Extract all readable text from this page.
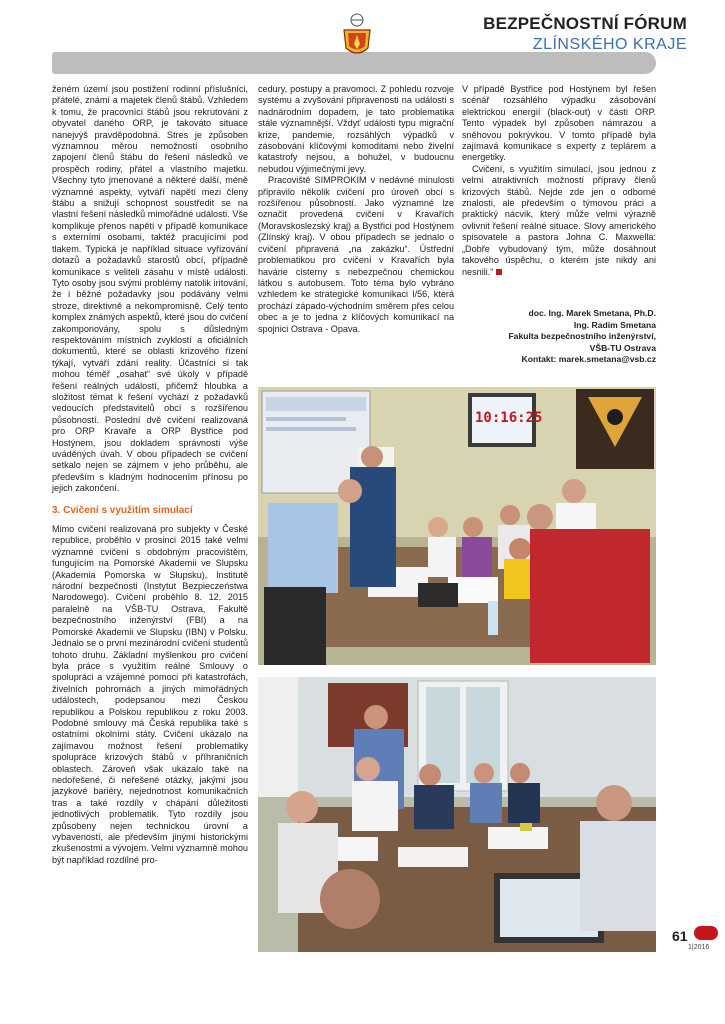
BEZPEČNOSTNÍ FÓRUM
ZLÍNSKÉHO KRAJE

ženém území jsou postižení rodinní příslušníci, přátelé, známí a majetek členů štábů. Vzhledem k tomu, že pracovníci štábů jsou rekrutováni z obyvatel daného ORP, je takováto situace nanejvýš pravděpodobná. Stres je způsoben významnou měrou nemožností osobního zapojení členů štábu do řešení následků ve prospěch rodiny, přátel a vlastního majetku. Všechny tyto jmenované a některé další, méně významné aspekty, vytváří napětí mezi členy štábu a snižují schopnost soustředit se na vlastní řešení následků mimořádné události. Vše komplikuje přenos napětí v případě komunikace s externími osobami, taktéž pracujícími pod tlakem. Typická je například situace vyřizování dotazů a požadavků starostů obcí, případně komunikace s veliteli zásahu v místě události. Tyto osoby jsou svými problémy natolik iritování, že i běžné požadavky jsou podávány velmi stroze, direktivně a nekompromisně. Celý tento komplex známých aspektů, které jsou do cvičení zakomponovány, spolu s důsledným respektováním místních zvyklostí a oficiálních dokumentů, které se oblasti krizového řízení týkají, vytváří zdání reality. Účastníci si tak mohou téměř „osahat“ své úkoly v případě řešení reálných událostí, přičemž hloubka a složitost témat k řešení vychází z požadavků vedoucích představitelů obcí s rozšířenou působností. Poslední dvě cvičení realizovaná pro ORP Kravaře a ORP Bystřice pod Hostýnem, jsou dokladem správnosti výše uváděných úvah. V obou případech se cvičení setkalo nejen se zájmem v jeho průběhu, ale především s kladným hodnocením přínosu po jejich zakončení.

3. Cvičení s využitím simulací

Mimo cvičení realizovaná pro subjekty v České republice, proběhlo v prosinci 2015 také velmi významné cvičení s obdobným pracovištěm, fungujícím na Pomorské Akademii ve Slupsku (Akademia Pomorska w Słupsku), Institutě národní bezpečnosti (Instytut Bezpieczeństwa Narodowego). Cvičení proběhlo 8. 12. 2015 paralelně na VŠB-TU Ostrava, Fakultě bezpečnostního inženýrství (FBI) a na Pomorské Akademii ve Slupsku (IBN) v Polsku. Jednalo se o první mezinárodní cvičení studentů tohoto druhu. Základní myšlenkou pro cvičení byla práce s využitím reálné Smlouvy o spolupráci a vzájemné pomoci při katastrofách, živelních pohromách a jiných mimořádných událostech, podepsanou mezi Českou republikou a Polskou republikou z roku 2003. Podobné smlouvy má Česká republika také s ostatními okolními státy. Cvičení ukázalo na zajímavou možnost řešení problematiky spolupráce krizových štábů v příhraničních oblastech. Zároveň však ukázalo také na nedořešené, či neřešené otázky, jakými jsou jazykové bariéry, nejednotnost komunikačních tras a také rozdíly v chápání důležitosti jednotlivých problematik. Tyto rozdíly jsou způsobeny nejen technickou úrovní a vybaveností, ale především jinými historickými zkušenostmi a vývojem. Velmi významně mohou být například rozdílné pro-

cedury, postupy a pravomoci. Z pohledu rozvoje systému a zvyšování připravenosti na události s nadnárodním dopadem, je tato problematika stále významnější. Vždyť události typu migrační krize, pandemie, rozsáhlých výpadků v zásobování klíčovými komoditami nebo živelní katastrofy nejsou, a bohužel, v budoucnu nebudou výjimečnými jevy.

Pracoviště SIMPROKIM v nedávné minulosti připravilo několik cvičení pro úroveň obcí s rozšířenou působností. Jako významné lze označit provedená cvičení v Kravařích (Moravskoslezský kraj) a Bystřici pod Hostýnem (Zlínský kraj). V obou případech se jednalo o cvičení připravená „na zakázku“. Ústřední problematikou pro cvičení v Kravařích byla havárie cisterny s nebezpečnou chemickou látkou s autobusem. Toto téma bylo vybráno vzhledem ke strategické komunikaci I/56, která prochází západo-východním směrem přes celou obec a je to jedna z klíčových komunikací na spojnici Ostrava - Opava.

V případě Bystřice pod Hostýnem byl řešen scénář rozsáhlého výpadku zásobování elektrickou energií (black-out) v části ORP. Tento výpadek byl způsoben námrazou a sněhovou pokrývkou. V tomto případě byla zajímavá komunikace s experty z teplárem a energetiky.

Cvičení, s využitím simulací, jsou jednou z velmi atraktivních možností přípravy členů krizových štábů. Nejde zde jen o odborné znalosti, ale především o týmovou práci a praktický nácvik, který může velmi výrazně ovlivnit řešení reálné situace. Slovy amerického spisovatele a pastora Johna C. Maxwella: „Dobře vybudovaný tým, může dosáhnout takového úspěchu, o kterém jste nikdy ani nesnili.“

doc. Ing. Marek Smetana, Ph.D.
Ing. Radim Smetana
Fakulta bezpečnostního inženýrství,
VŠB-TU Ostrava
Kontakt: marek.smetana@vsb.cz
10:16:25
61
1|2016
